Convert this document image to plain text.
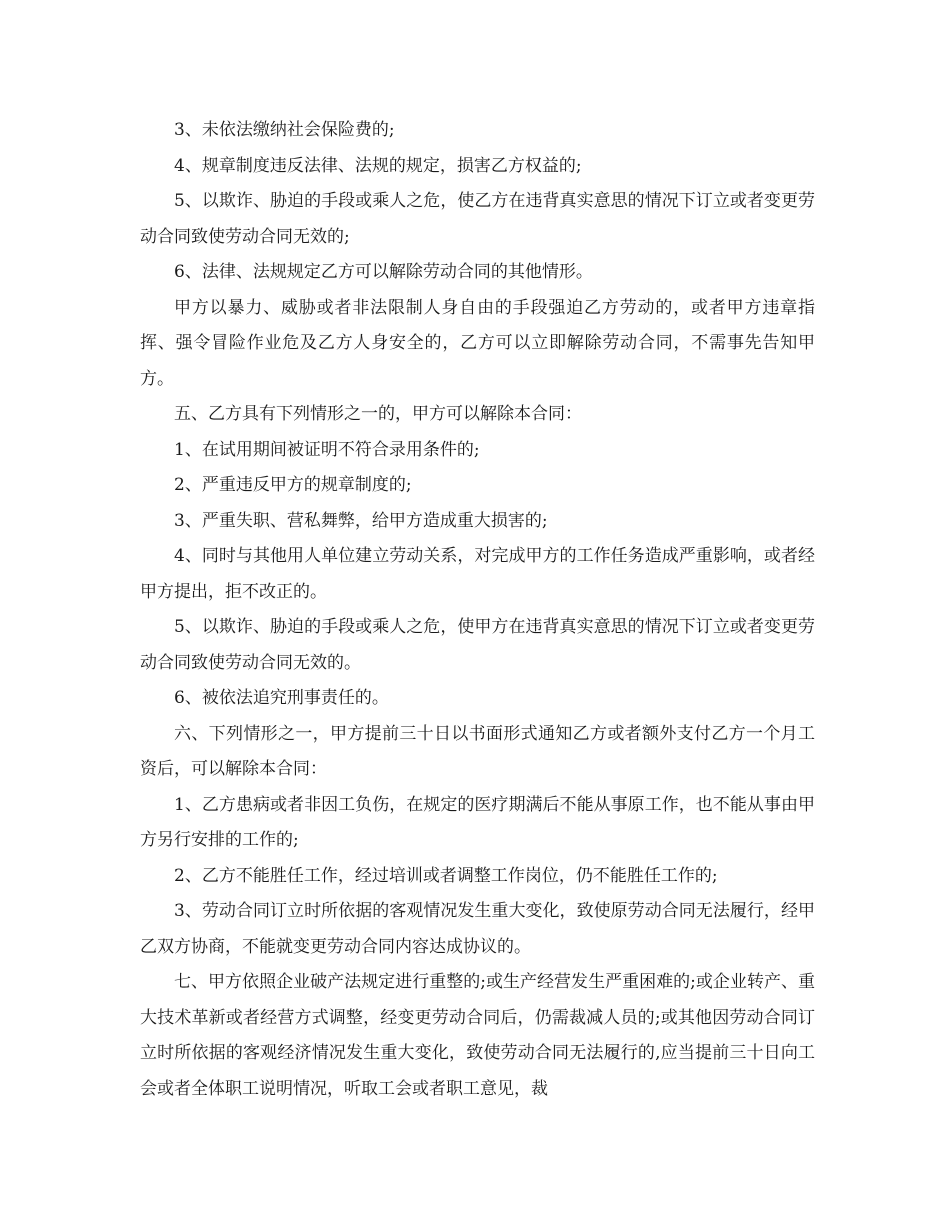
3、未依法缴纳社会保险费的;

4、规章制度违反法律、法规的规定，损害乙方权益的;

5、以欺诈、胁迫的手段或乘人之危，使乙方在违背真实意思的情况下订立或者变更劳动合同致使劳动合同无效的;

6、法律、法规规定乙方可以解除劳动合同的其他情形。

甲方以暴力、威胁或者非法限制人身自由的手段强迫乙方劳动的，或者甲方违章指挥、强令冒险作业危及乙方人身安全的，乙方可以立即解除劳动合同，不需事先告知甲方。

五、乙方具有下列情形之一的，甲方可以解除本合同：

1、在试用期间被证明不符合录用条件的;

2、严重违反甲方的规章制度的;

3、严重失职、营私舞弊，给甲方造成重大损害的;

4、同时与其他用人单位建立劳动关系，对完成甲方的工作任务造成严重影响，或者经甲方提出，拒不改正的。

5、以欺诈、胁迫的手段或乘人之危，使甲方在违背真实意思的情况下订立或者变更劳动合同致使劳动合同无效的。

6、被依法追究刑事责任的。

六、下列情形之一，甲方提前三十日以书面形式通知乙方或者额外支付乙方一个月工资后，可以解除本合同：

1、乙方患病或者非因工负伤，在规定的医疗期满后不能从事原工作，也不能从事由甲方另行安排的工作的;

2、乙方不能胜任工作，经过培训或者调整工作岗位，仍不能胜任工作的;

3、劳动合同订立时所依据的客观情况发生重大变化，致使原劳动合同无法履行，经甲乙双方协商，不能就变更劳动合同内容达成协议的。

七、甲方依照企业破产法规定进行重整的;或生产经营发生严重困难的;或企业转产、重大技术革新或者经营方式调整，经变更劳动合同后，仍需裁减人员的;或其他因劳动合同订立时所依据的客观经济情况发生重大变化，致使劳动合同无法履行的,应当提前三十日向工会或者全体职工说明情况，听取工会或者职工意见，裁
